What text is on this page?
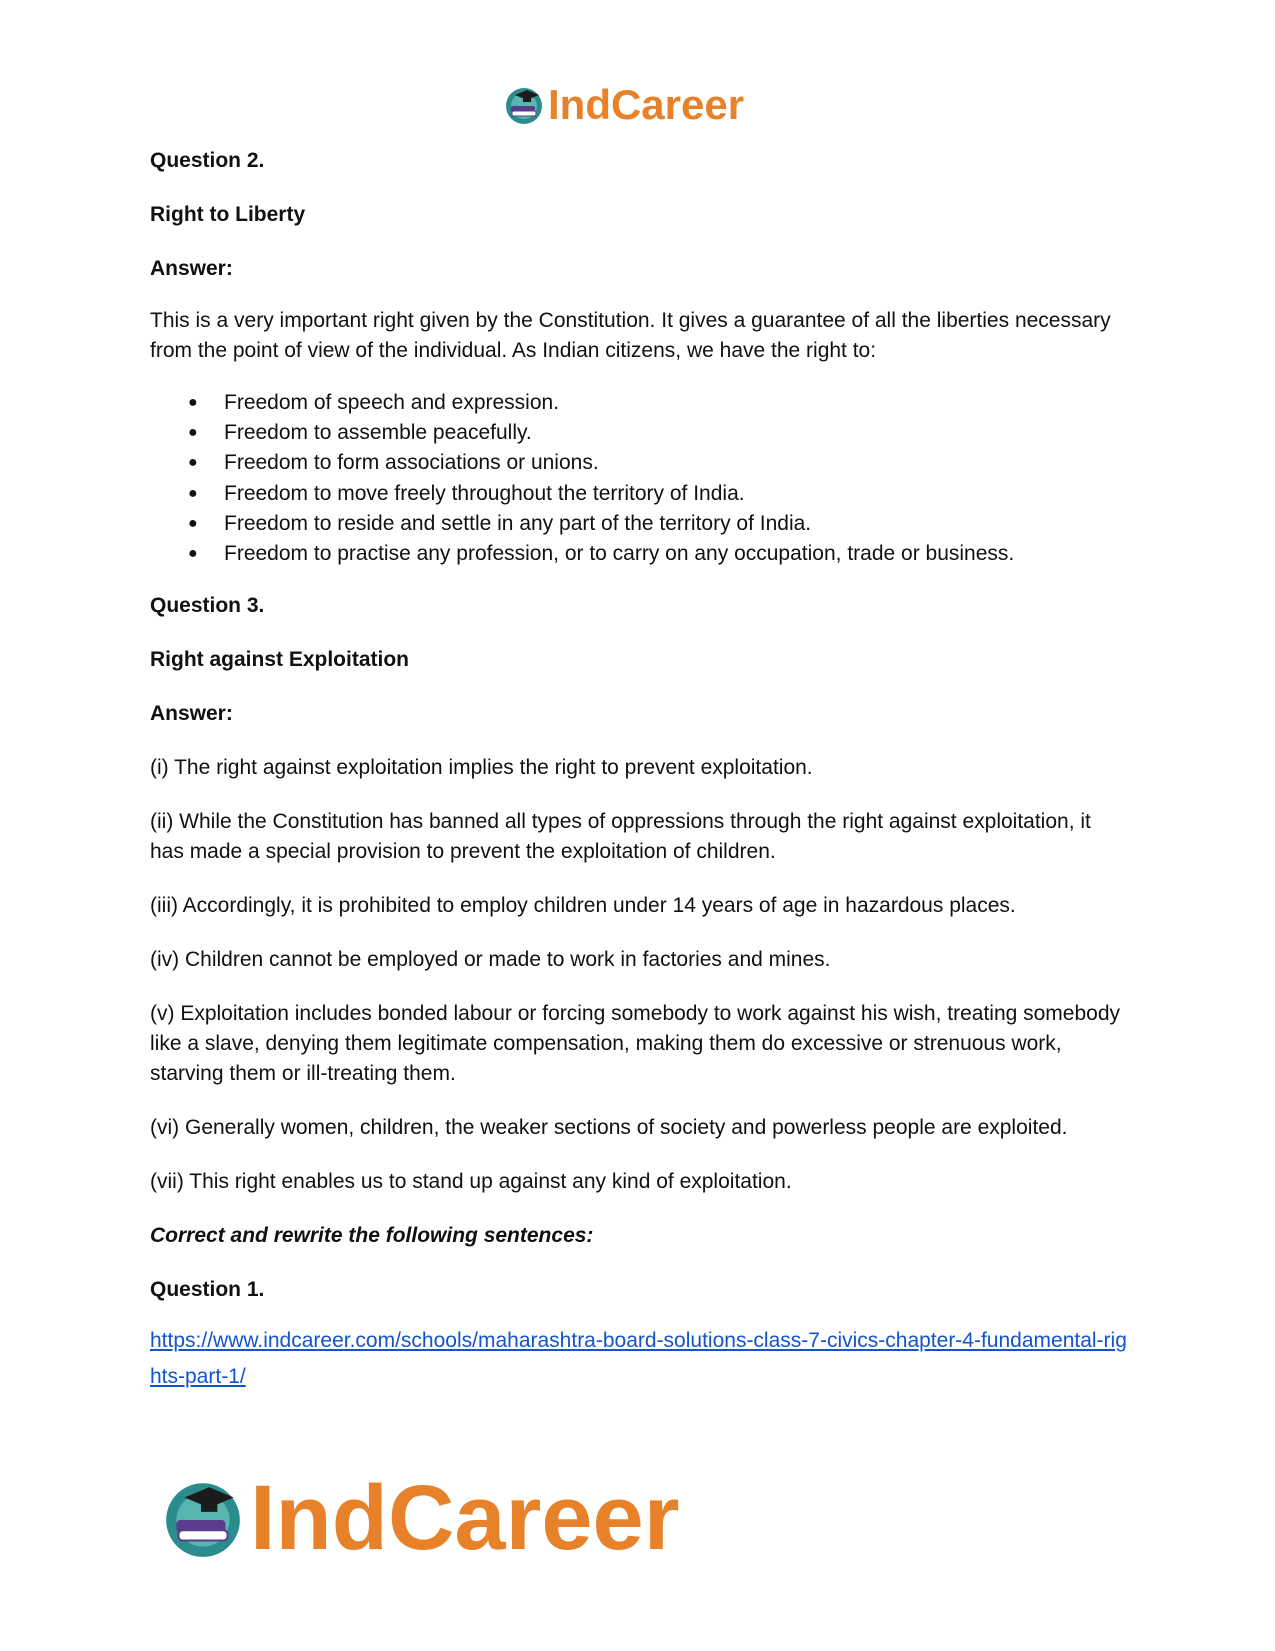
IndCareer

Question 2.

Right to Liberty

Answer:

This is a very important right given by the Constitution. It gives a guarantee of all the liberties necessary from the point of view of the individual. As Indian citizens, we have the right to:

● Freedom of speech and expression.
● Freedom to assemble peacefully.
● Freedom to form associations or unions.
● Freedom to move freely throughout the territory of India.
● Freedom to reside and settle in any part of the territory of India.
● Freedom to practise any profession, or to carry on any occupation, trade or business.

Question 3.

Right against Exploitation

Answer:

(i) The right against exploitation implies the right to prevent exploitation.

(ii) While the Constitution has banned all types of oppressions through the right against exploitation, it has made a special provision to prevent the exploitation of children.

(iii) Accordingly, it is prohibited to employ children under 14 years of age in hazardous places.

(iv) Children cannot be employed or made to work in factories and mines.

(v) Exploitation includes bonded labour or forcing somebody to work against his wish, treating somebody like a slave, denying them legitimate compensation, making them do excessive or strenuous work, starving them or ill-treating them.

(vi) Generally women, children, the weaker sections of society and powerless people are exploited.

(vii) This right enables us to stand up against any kind of exploitation.

Correct and rewrite the following sentences:

Question 1.

https://www.indcareer.com/schools/maharashtra-board-solutions-class-7-civics-chapter-4-fundamental-rights-part-1/
IndCareer
